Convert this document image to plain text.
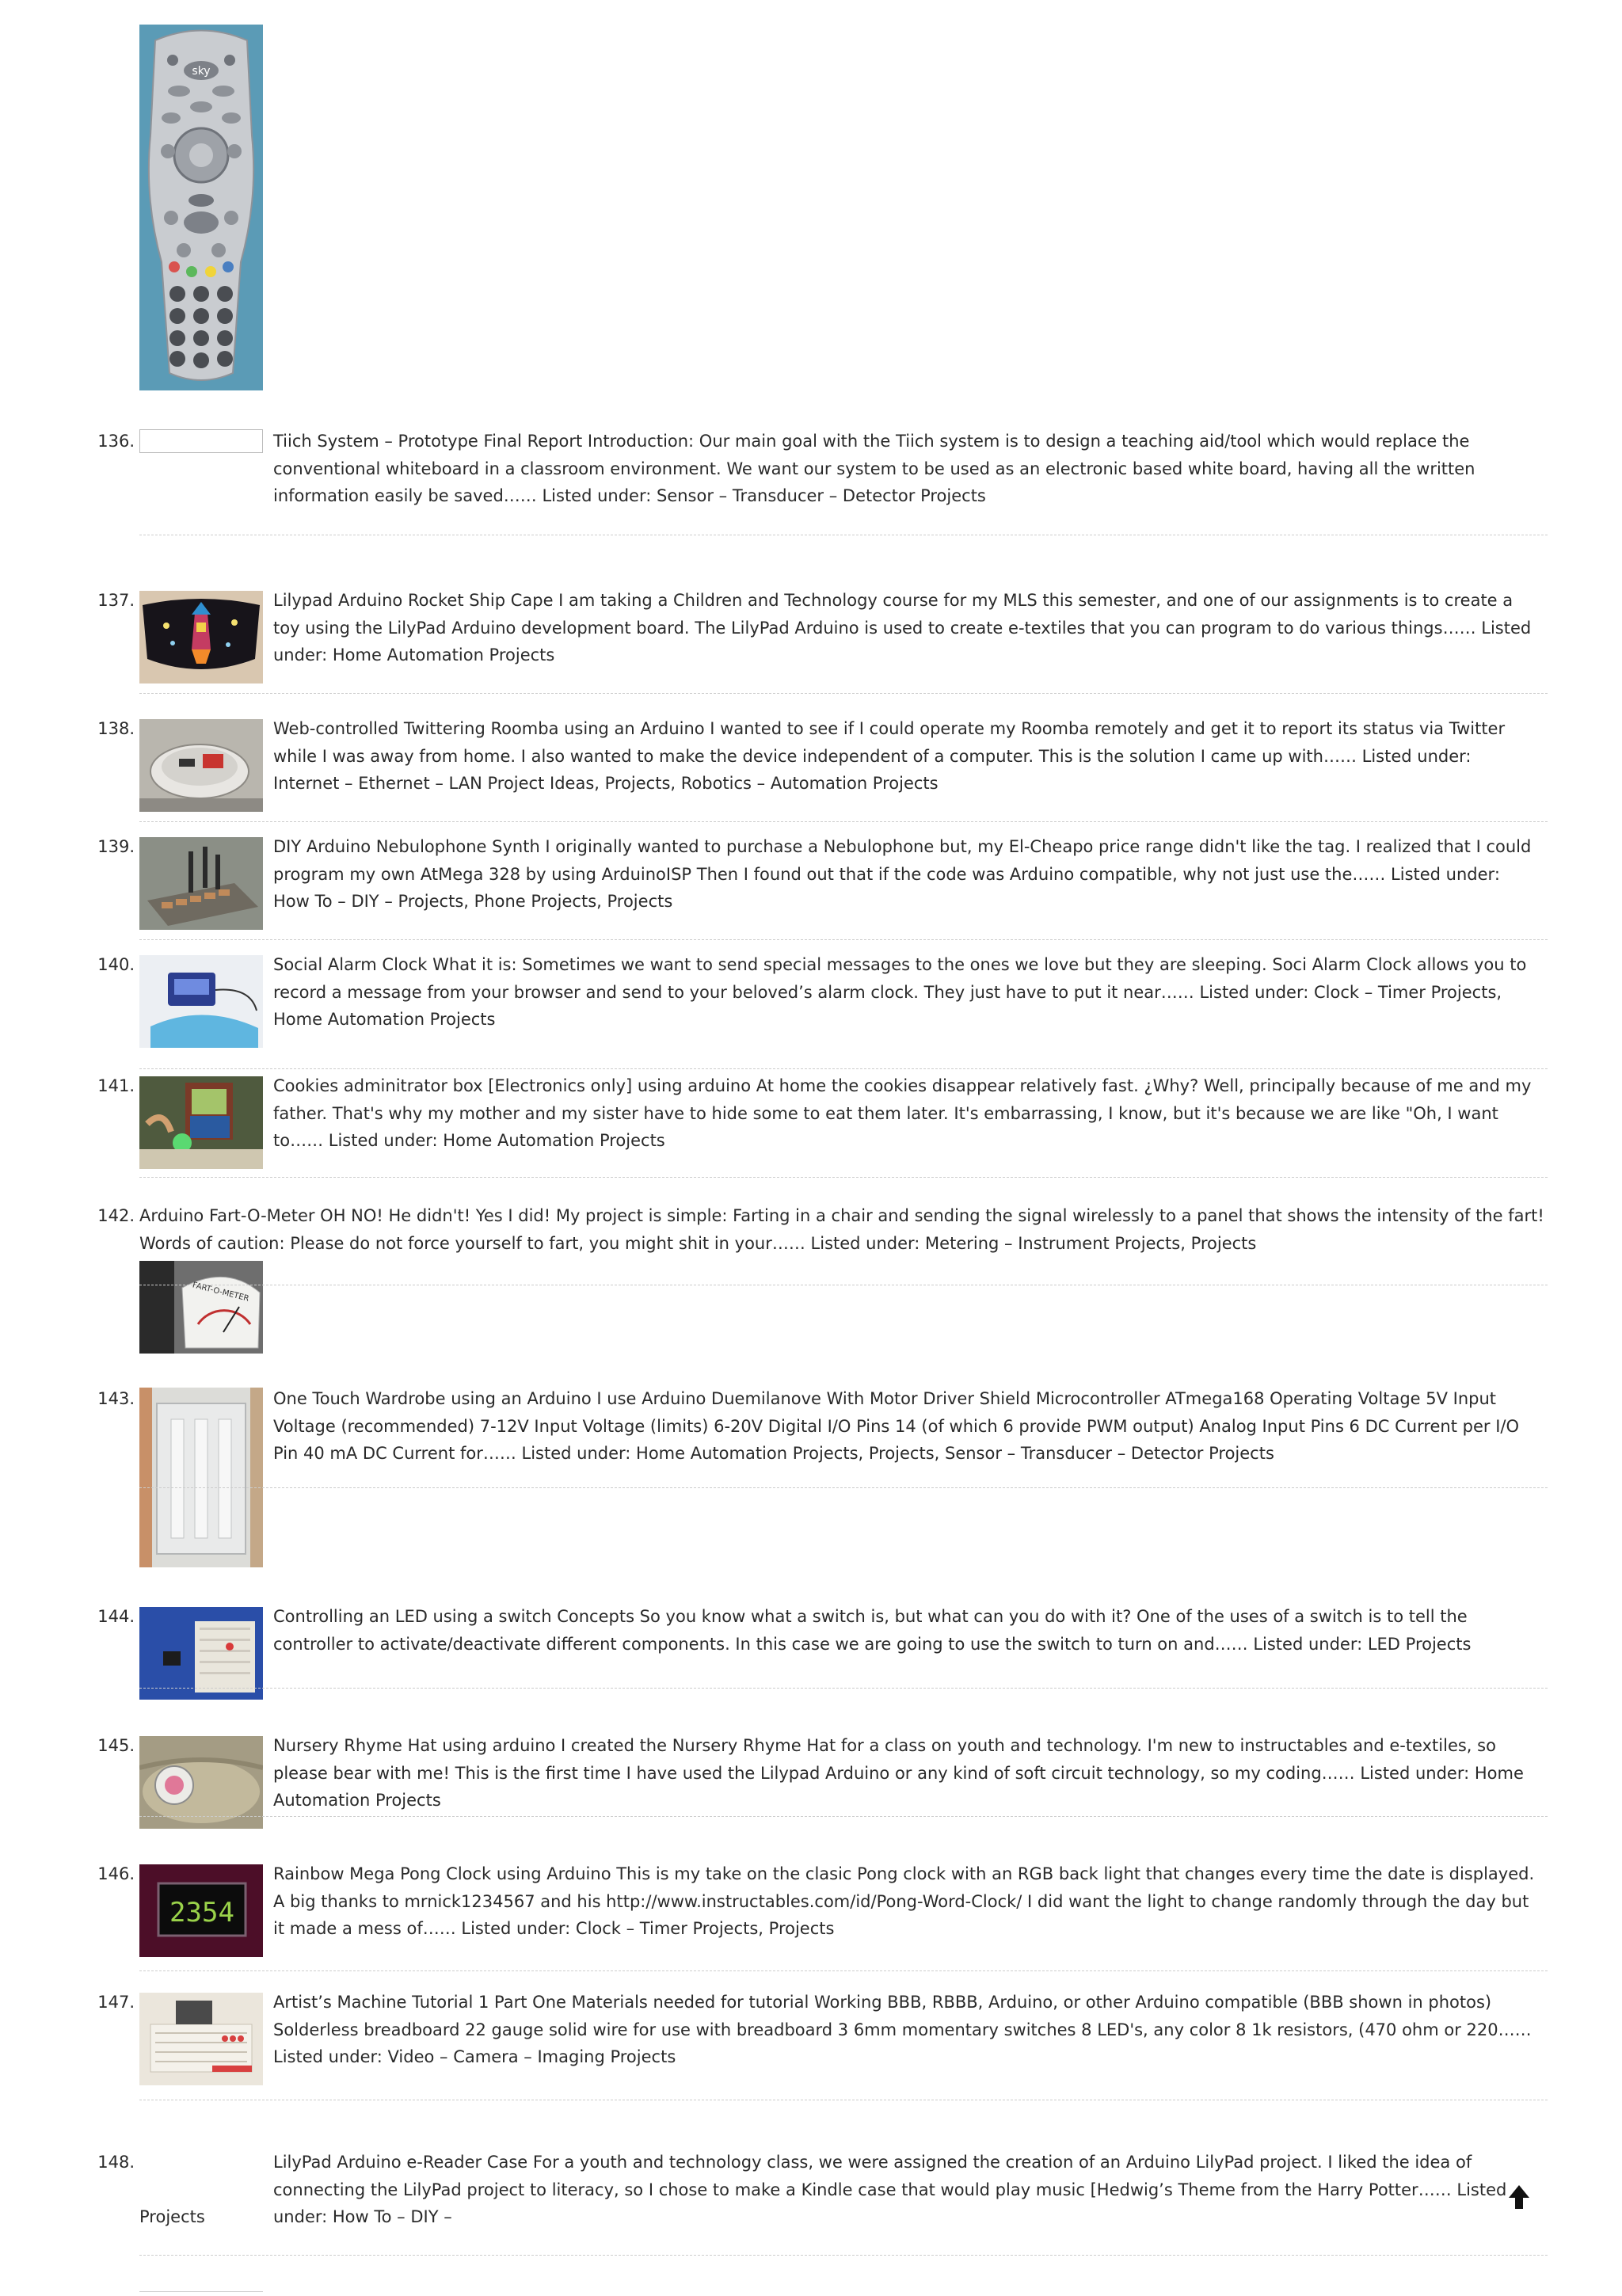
sky
136.	Tiich System – Prototype Final Report Introduction: Our main goal with the Tiich system is to design a teaching aid/tool which would replace the conventional whiteboard in a classroom environment. We want our system to be used as an electronic based white board, having all the written information easily be saved…… Listed under: Sensor – Transducer – Detector Projects
137.	Lilypad Arduino Rocket Ship Cape I am taking a Children and Technology course for my MLS this semester, and one of our assignments is to create a toy using the LilyPad Arduino development board. The LilyPad Arduino is used to create e-textiles that you can program to do various things…… Listed under: Home Automation Projects
138.	Web-controlled Twittering Roomba using an Arduino I wanted to see if I could operate my Roomba remotely and get it to report its status via Twitter while I was away from home. I also wanted to make the device independent of a computer. This is the solution I came up with…… Listed under: Internet – Ethernet – LAN Project Ideas, Projects, Robotics – Automation Projects
139.	DIY Arduino Nebulophone Synth I originally wanted to purchase a Nebulophone but, my El-Cheapo price range didn't like the tag. I realized that I could program my own AtMega 328 by using ArduinoISP Then I found out that if the code was Arduino compatible, why not just use the…… Listed under: How To – DIY – Projects, Phone Projects, Projects
140.	Social Alarm Clock What it is: Sometimes we want to send special messages to the ones we love but they are sleeping. Soci Alarm Clock allows you to record a message from your browser and send to your beloved’s alarm clock. They just have to put it near…… Listed under: Clock – Timer Projects, Home Automation Projects
141.	Cookies adminitrator box [Electronics only] using arduino At home the cookies disappear relatively fast. ¿Why? Well, principally because of me and my father. That's why my mother and my sister have to hide some to eat them later. It's embarrassing, I know, but it's because we are like "Oh, I want to…… Listed under: Home Automation Projects
142. Arduino Fart-O-Meter OH NO! He didn't! Yes I did! My project is simple: Farting in a chair and sending the signal wirelessly to a panel that shows the intensity of the fart! Words of caution: Please do not force yourself to fart, you might shit in your…… Listed under: Metering – Instrument Projects, Projects
FART-O-METER
143.	One Touch Wardrobe using an Arduino I use Arduino Duemilanove With Motor Driver Shield Microcontroller ATmega168 Operating Voltage 5V Input Voltage (recommended) 7-12V Input Voltage (limits) 6-20V Digital I/O Pins 14 (of which 6 provide PWM output) Analog Input Pins 6 DC Current per I/O Pin 40 mA DC Current for…… Listed under: Home Automation Projects, Projects, Sensor – Transducer – Detector Projects
144.	Controlling an LED using a switch Concepts So you know what a switch is, but what can you do with it? One of the uses of a switch is to tell the controller to activate/deactivate different components. In this case we are going to use the switch to turn on and…… Listed under: LED Projects
145.	Nursery Rhyme Hat using arduino I created the Nursery Rhyme Hat for a class on youth and technology. I'm new to instructables and e-textiles, so please bear with me! This is the first time I have used the Lilypad Arduino or any kind of soft circuit technology, so my coding…… Listed under: Home Automation Projects
146.
2354
Rainbow Mega Pong Clock using Arduino This is my take on the clasic Pong clock with an RGB back light that changes every time the date is displayed. A big thanks to mrnick1234567 and his http://www.instructables.com/id/Pong-Word-Clock/ I did want the light to change randomly through the day but it made a mess of…… Listed under: Clock – Timer Projects, Projects
147.	Artist’s Machine Tutorial 1 Part One Materials needed for tutorial Working BBB, RBBB, Arduino, or other Arduino compatible (BBB shown in photos) Solderless breadboard 22 gauge solid wire for use with breadboard 3 6mm momentary switches 8 LED's, any color 8 1k resistors, (470 ohm or 220…… Listed under: Video – Camera – Imaging Projects
148.	LilyPad Arduino e-Reader Case For a youth and technology class, we were assigned the creation of an Arduino LilyPad project. I liked the idea of connecting the LilyPad project to literacy, so I chose to make a Kindle case that would play music [Hedwig’s Theme from the Harry Potter…… Listed under: How To – DIY –
Projects
